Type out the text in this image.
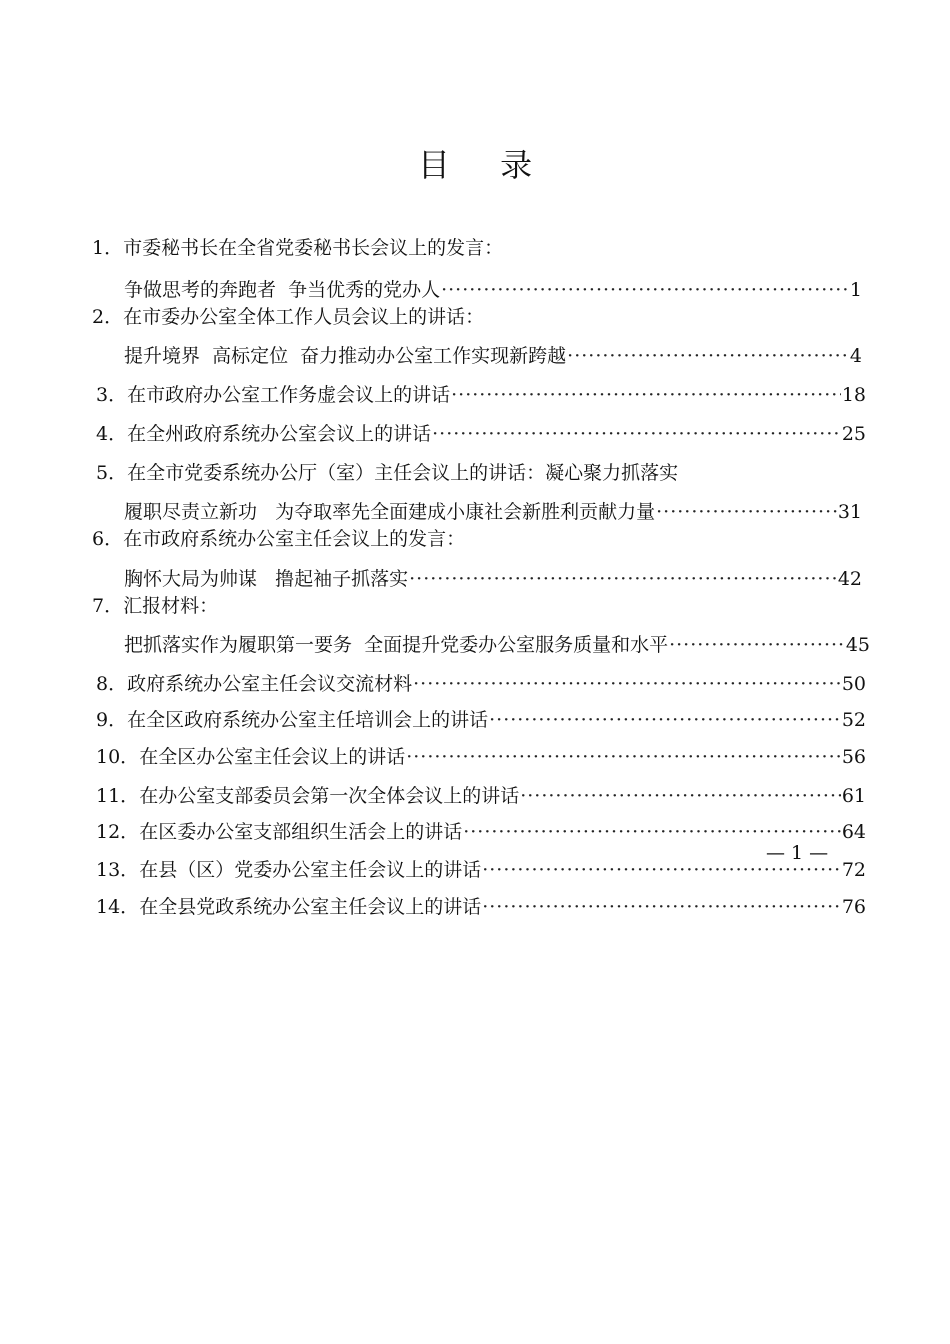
目 录
1． 市委秘书长在全省党委秘书长会议上的发言：
争做思考的奔跑者  争当优秀的党办人 ·····	1
2． 在市委办公室全体工作人员会议上的讲话：
提升境界  高标定位  奋力推动办公室工作实现新跨越 ·····	4
3． 在市政府办公室工作务虚会议上的讲话 ·····	18
4． 在全州政府系统办公室会议上的讲话 ·····	25
5． 在全市党委系统办公厅（室）主任会议上的讲话：凝心聚力抓落实
履职尽责立新功   为夺取率先全面建成小康社会新胜利贡献力量 ·····	31
6． 在市政府系统办公室主任会议上的发言：
胸怀大局为帅谋   撸起袖子抓落实 ·····	42
7． 汇报材料：
把抓落实作为履职第一要务  全面提升党委办公室服务质量和水平 ·····	45
8． 政府系统办公室主任会议交流材料 ·····	50
9． 在全区政府系统办公室主任培训会上的讲话 ·····	52
10． 在全区办公室主任会议上的讲话 ·····	56
11． 在办公室支部委员会第一次全体会议上的讲话 ·····	61
12． 在区委办公室支部组织生活会上的讲话 ·····	64
13． 在县（区）党委办公室主任会议上的讲话 ·····	72
14． 在全县党政系统办公室主任会议上的讲话 ·····	76
— 1 —
